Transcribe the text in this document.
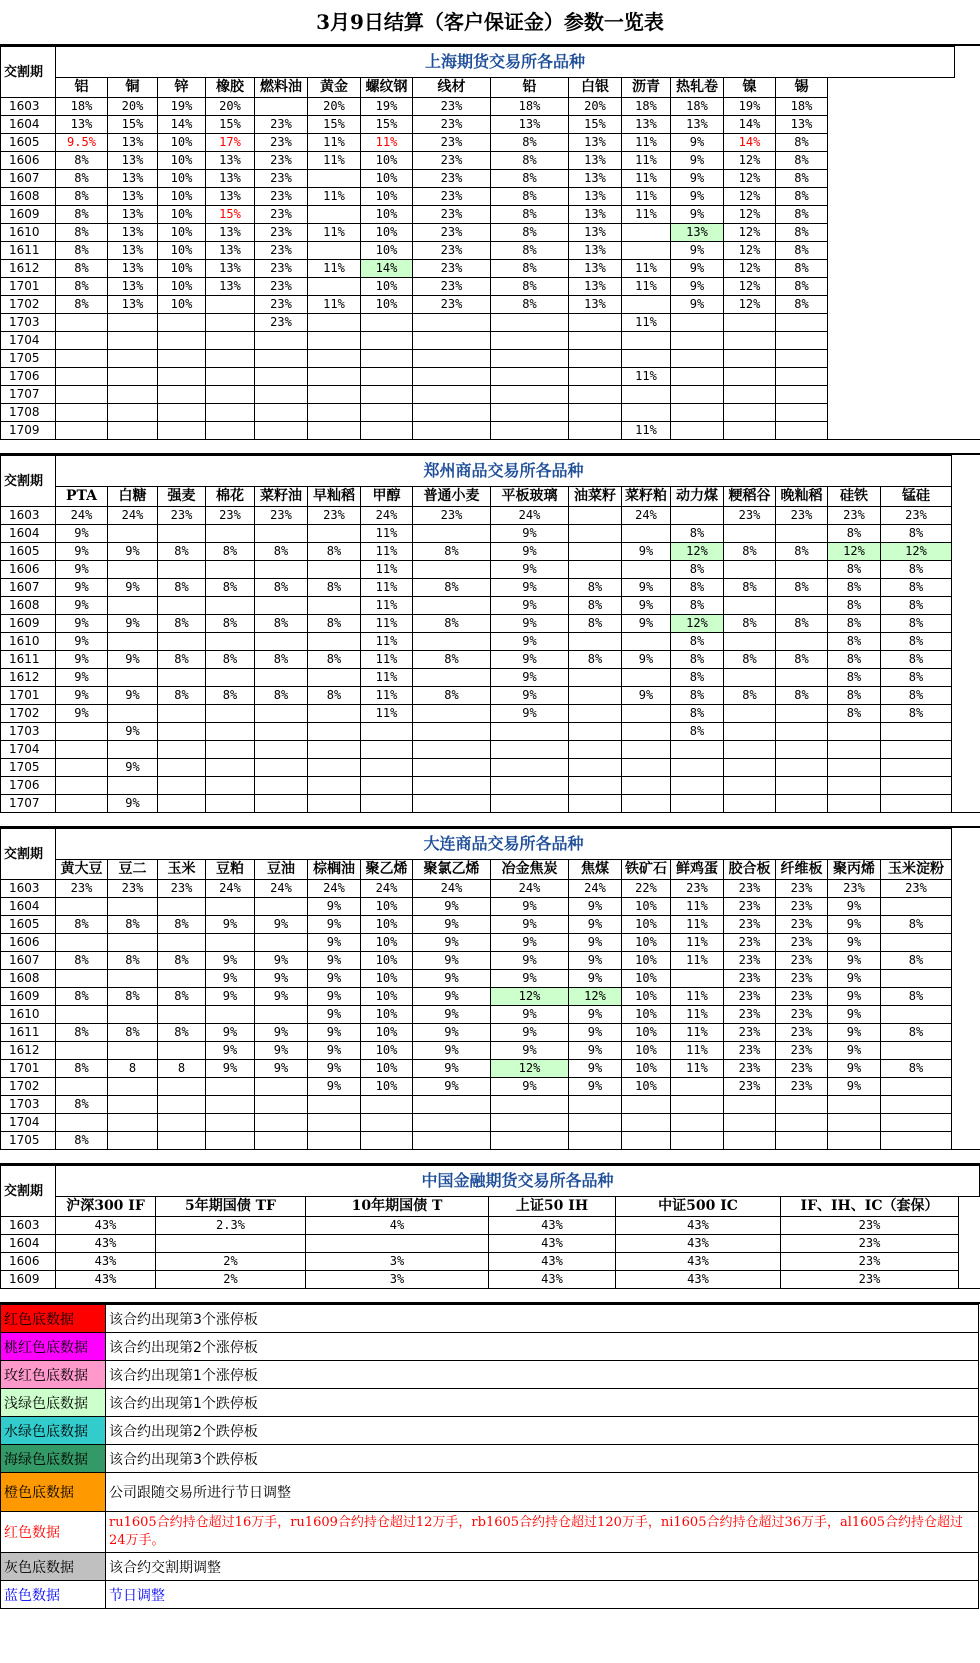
3月9日结算（客户保证金）参数一览表
交割期	上海期货交易所各品种														
	铝	铜	锌	橡胶	燃料油	黄金	螺纹钢	线材	铅	白银	沥青	热轧卷	镍	锡	
1603	18%	20%	19%	20%		20%	19%	23%	18%	20%	18%	18%	19%	18%	
1604	13%	15%	14%	15%	23%	15%	15%	23%	13%	15%	13%	13%	14%	13%	
1605	9.5%	13%	10%	17%	23%	11%	11%	23%	8%	13%	11%	9%	14%	8%	
1606	8%	13%	10%	13%	23%	11%	10%	23%	8%	13%	11%	9%	12%	8%	
1607	8%	13%	10%	13%	23%		10%	23%	8%	13%	11%	9%	12%	8%	
1608	8%	13%	10%	13%	23%	11%	10%	23%	8%	13%	11%	9%	12%	8%	
1609	8%	13%	10%	15%	23%		10%	23%	8%	13%	11%	9%	12%	8%	
1610	8%	13%	10%	13%	23%	11%	10%	23%	8%	13%		13%	12%	8%	
1611	8%	13%	10%	13%	23%		10%	23%	8%	13%		9%	12%	8%	
1612	8%	13%	10%	13%	23%	11%	14%	23%	8%	13%	11%	9%	12%	8%	
1701	8%	13%	10%	13%	23%		10%	23%	8%	13%	11%	9%	12%	8%	
1702	8%	13%	10%		23%	11%	10%	23%	8%	13%		9%	12%	8%	
1703					23%						11%				
1704															
1705															
1706											11%				
1707															
1708															
1709											11%				
交割期	郑州商品交易所各品种															
	PTA	白糖	强麦	棉花	菜籽油	早籼稻	甲醇	普通小麦	平板玻璃	油菜籽	菜籽粕	动力煤	粳稻谷	晚籼稻	硅铁	锰硅
1603	24%	24%	23%	23%	23%	23%	24%	23%	24%		24%		23%	23%	23%	23%
1604	9%						11%		9%			8%			8%	8%
1605	9%	9%	8%	8%	8%	8%	11%	8%	9%		9%	12%	8%	8%	12%	12%
1606	9%						11%		9%			8%			8%	8%
1607	9%	9%	8%	8%	8%	8%	11%	8%	9%	8%	9%	8%	8%	8%	8%	8%
1608	9%						11%		9%	8%	9%	8%			8%	8%
1609	9%	9%	8%	8%	8%	8%	11%	8%	9%	8%	9%	12%	8%	8%	8%	8%
1610	9%						11%		9%			8%			8%	8%
1611	9%	9%	8%	8%	8%	8%	11%	8%	9%	8%	9%	8%	8%	8%	8%	8%
1612	9%						11%		9%			8%			8%	8%
1701	9%	9%	8%	8%	8%	8%	11%	8%	9%		9%	8%	8%	8%	8%	8%
1702	9%						11%		9%			8%			8%	8%
1703		9%										8%				
1704																
1705		9%														
1706																
1707		9%														
交割期	大连商品交易所各品种															
	黄大豆	豆二	玉米	豆粕	豆油	棕榈油	聚乙烯	聚氯乙烯	冶金焦炭	焦煤	铁矿石	鲜鸡蛋	胶合板	纤维板	聚丙烯	玉米淀粉
1603	23%	23%	23%	24%	24%	24%	24%	24%	24%	24%	22%	23%	23%	23%	23%	23%
1604						9%	10%	9%	9%	9%	10%	11%	23%	23%	9%	
1605	8%	8%	8%	9%	9%	9%	10%	9%	9%	9%	10%	11%	23%	23%	9%	8%
1606						9%	10%	9%	9%	9%	10%	11%	23%	23%	9%	
1607	8%	8%	8%	9%	9%	9%	10%	9%	9%	9%	10%	11%	23%	23%	9%	8%
1608				9%	9%	9%	10%	9%	9%	9%	10%		23%	23%	9%	
1609	8%	8%	8%	9%	9%	9%	10%	9%	12%	12%	10%	11%	23%	23%	9%	8%
1610						9%	10%	9%	9%	9%	10%	11%	23%	23%	9%	
1611	8%	8%	8%	9%	9%	9%	10%	9%	9%	9%	10%	11%	23%	23%	9%	8%
1612				9%	9%	9%	10%	9%	9%	9%	10%	11%	23%	23%	9%	
1701	8%	8	8	9%	9%	9%	10%	9%	12%	9%	10%	11%	23%	23%	9%	8%
1702						9%	10%	9%	9%	9%	10%		23%	23%	9%	
1703	8%															
1704																
1705	8%															
交割期	中国金融期货交易所各品种						
	沪深300 IF	5年期国债 TF	10年期国债 T	上证50 IH	中证500 IC	IF、IH、IC（套保）	
1603	43%	2.3%	4%	43%	43%	23%	
1604	43%			43%	43%	23%	
1606	43%	2%	3%	43%	43%	23%	
1609	43%	2%	3%	43%	43%	23%	
红色底数据	该合约出现第3个涨停板
桃红色底数据	该合约出现第2个涨停板
玫红色底数据	该合约出现第1个涨停板
浅绿色底数据	该合约出现第1个跌停板
水绿色底数据	该合约出现第2个跌停板
海绿色底数据	该合约出现第3个跌停板
橙色底数据	公司跟随交易所进行节日调整
红色数据	ru1605合约持仓超过16万手，ru1609合约持仓超过12万手，rb1605合约持仓超过120万手，ni1605合约持仓超过36万手，al1605合约持仓超过24万手。
灰色底数据	该合约交割期调整
蓝色数据	节日调整
